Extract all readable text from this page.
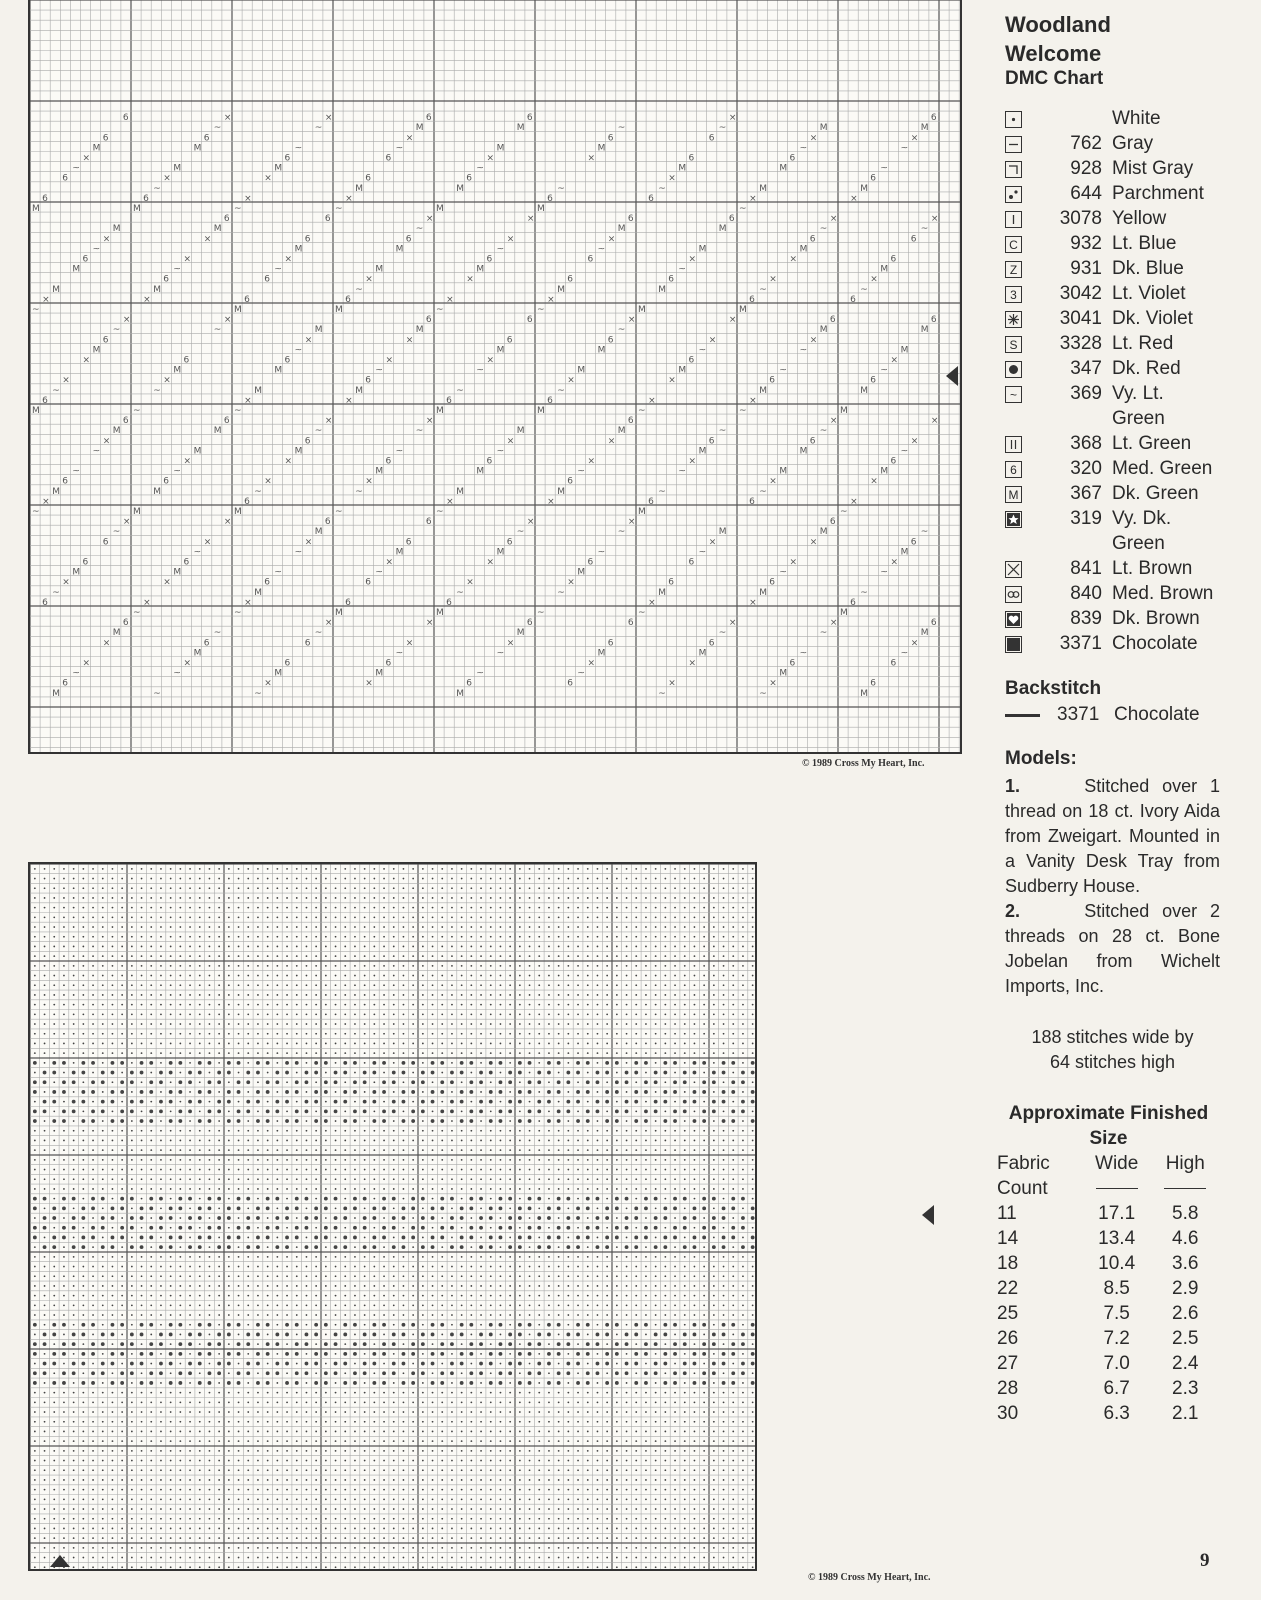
6
~
×
6
~
×
6
~
×
6
~
×
6
~
×
6
~
×
M
6
~
×
M
6
~
×
M
~
×
M
~
×
M
~
×
M
~
×
M
~
×
M
~
×
M
6
~
×
M
6
~
×
M
6
~
×
M
6
×
M
6
×
M
6
×
M
6
×
M
6
×
M
6
×
M
6
~
×
M
6
~
×
M
6
~
M
6
~
M
6
~
M
6
~
M
6
~
M
6
~
M
6
~
×
M
6
~
×
M
6
~
×
M
6
~
×
6
~
×
6
~
×
6
~
×
6
~
×
6
~
×
6
~
×
M
6
~
×
M
6
~
×
M
~
×
M
~
×
M
~
×
M
~
×
M
~
×
M
~
×
M
6
~
×
M
6
~
×
M
6
~
×
M
6
×
M
6
×
M
6
×
M
6
×
M
6
×
M
6
×
M
6
~
×
M
6
~
×
M
6
~
M
6
~
M
6
~
M
6
~
M
6
~
M
6
~
M
6
~
×
M
6
~
×
M
6
~
×
M
6
~
×
6
~
×
6
~
×
6
~
×
6
~
×
6
~
×
6
~
×
M
6
~
×
M
6
~
×
M
~
×
M
~
×
M
~
×
M
~
×
M
~
×
M
~
×
M
6
~
×
M
6
~
×
M
6
~
×
M
6
×
M
6
×
M
6
×
M
6
×
M
6
×
M
6
×
M
6
~
×
M
6
~
×
M
6
~
M
6
~
M
6
~
M
6
~
M
6
~
M
6
~
M
6
~
×
M
6
~
×
M
6
~
×
M
6
~
×
6
~
×
6
~
×
6
~
×
6
~
×
6
~
×
6
~
×
M
6
~
×
M
6
~
×
M
~
×
M
~
×
M
~
×
M
~
×
M
~
×
M
~
×
M
6
~
×
M
6
~
×
M
6
~
×
M
6
×
M
6
×
M
6
×
M
6
×
M
6
×
M
6
×
M
6
~
×
M
6
~
×
© 1989 Cross My Heart, Inc.
© 1989 Cross My Heart, Inc.
Woodland
Welcome
DMC Chart
White
762 Gray
928 Mist Gray
644 Parchment
3078 Yellow
C	932 Lt. Blue
Z	931 Dk. Blue
3	3042 Lt. Violet
3041 Dk. Violet
S	3328 Lt. Red
347 Dk. Red
~	369 Vy. Lt. Green
368 Lt. Green
6	320 Med. Green
M	367 Dk. Green
319 Vy. Dk. Green
841 Lt. Brown
840 Med. Brown
839 Dk. Brown
3371 Chocolate
Backstitch
3371 Chocolate
Models:

1.	Stitched over 1 thread on 18 ct. Ivory Aida from Zweigart. Mounted in a Vanity Desk Tray from Sudberry House.

2.	Stitched over 2 threads on 28 ct. Bone Jobelan from Wichelt Imports, Inc.

188 stitches wide by
64 stitches high
Approximate Finished
Size
Fabric	Wide	High
Count		
11	17.1	5.8
14	13.4	4.6
18	10.4	3.6
22	8.5	2.9
25	7.5	2.6
26	7.2	2.5
27	7.0	2.4
28	6.7	2.3
30	6.3	2.1
9
